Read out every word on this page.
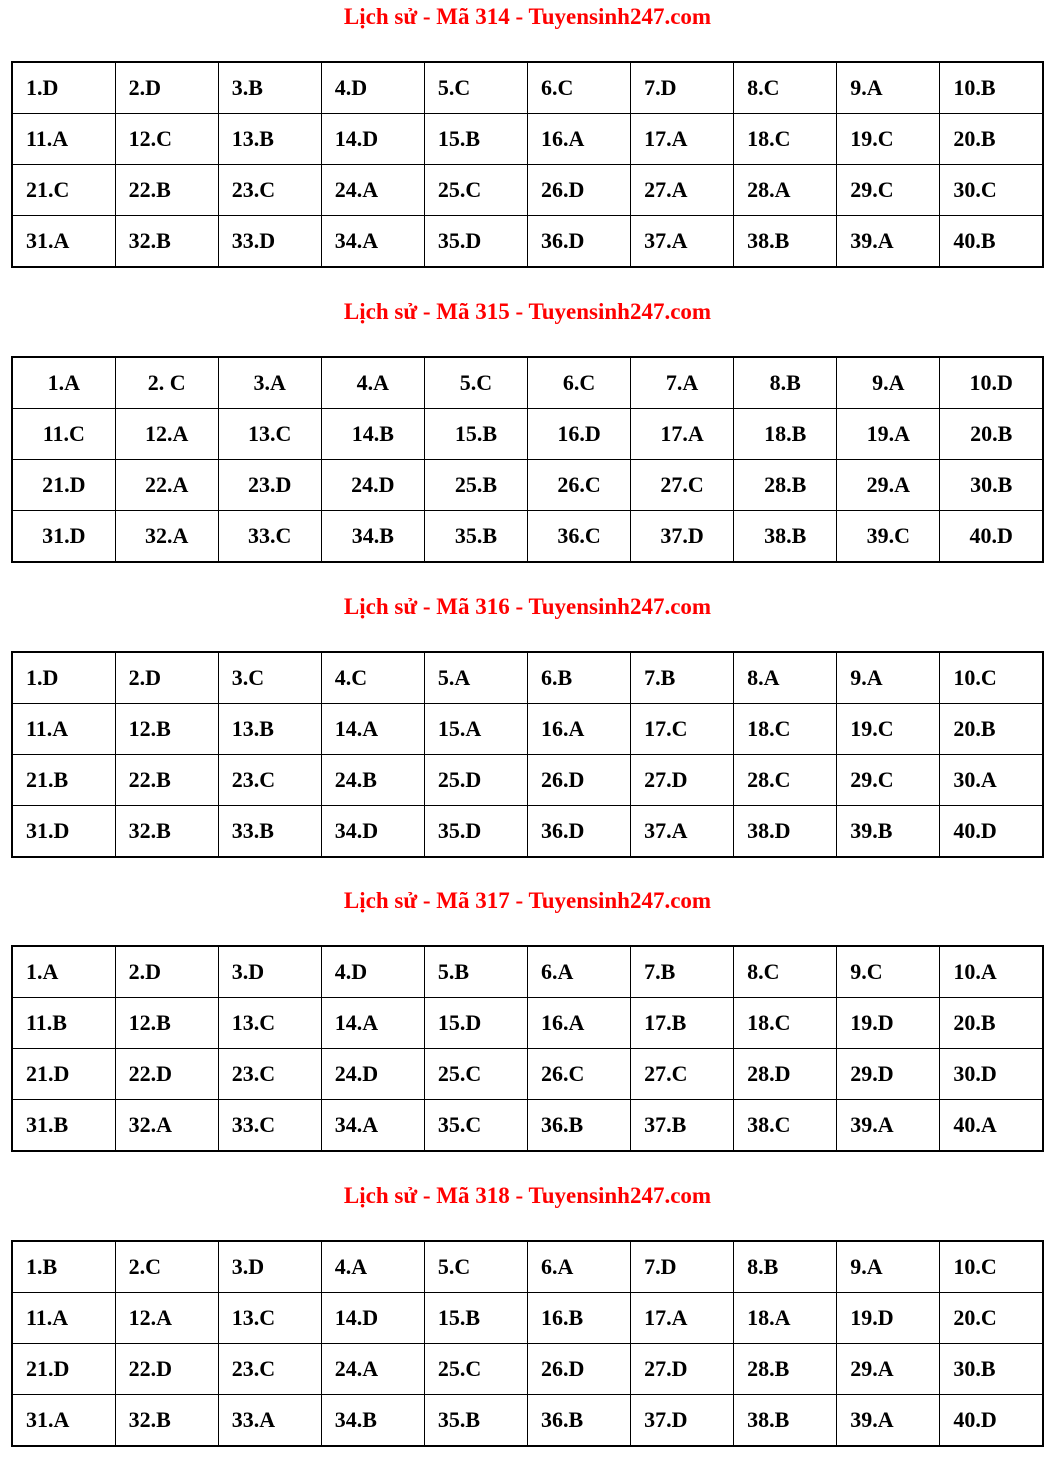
Lịch sử - Mã 314 - Tuyensinh247.com
1.D	2.D	3.B	4.D	5.C	6.C	7.D	8.C	9.A	10.B
11.A	12.C	13.B	14.D	15.B	16.A	17.A	18.C	19.C	20.B
21.C	22.B	23.C	24.A	25.C	26.D	27.A	28.A	29.C	30.C
31.A	32.B	33.D	34.A	35.D	36.D	37.A	38.B	39.A	40.B
Lịch sử - Mã 315 - Tuyensinh247.com
1.A	2. C	3.A	4.A	5.C	6.C	7.A	8.B	9.A	10.D
11.C	12.A	13.C	14.B	15.B	16.D	17.A	18.B	19.A	20.B
21.D	22.A	23.D	24.D	25.B	26.C	27.C	28.B	29.A	30.B
31.D	32.A	33.C	34.B	35.B	36.C	37.D	38.B	39.C	40.D
Lịch sử - Mã 316 - Tuyensinh247.com
1.D	2.D	3.C	4.C	5.A	6.B	7.B	8.A	9.A	10.C
11.A	12.B	13.B	14.A	15.A	16.A	17.C	18.C	19.C	20.B
21.B	22.B	23.C	24.B	25.D	26.D	27.D	28.C	29.C	30.A
31.D	32.B	33.B	34.D	35.D	36.D	37.A	38.D	39.B	40.D
Lịch sử - Mã 317 - Tuyensinh247.com
1.A	2.D	3.D	4.D	5.B	6.A	7.B	8.C	9.C	10.A
11.B	12.B	13.C	14.A	15.D	16.A	17.B	18.C	19.D	20.B
21.D	22.D	23.C	24.D	25.C	26.C	27.C	28.D	29.D	30.D
31.B	32.A	33.C	34.A	35.C	36.B	37.B	38.C	39.A	40.A
Lịch sử - Mã 318 - Tuyensinh247.com
1.B	2.C	3.D	4.A	5.C	6.A	7.D	8.B	9.A	10.C
11.A	12.A	13.C	14.D	15.B	16.B	17.A	18.A	19.D	20.C
21.D	22.D	23.C	24.A	25.C	26.D	27.D	28.B	29.A	30.B
31.A	32.B	33.A	34.B	35.B	36.B	37.D	38.B	39.A	40.D
